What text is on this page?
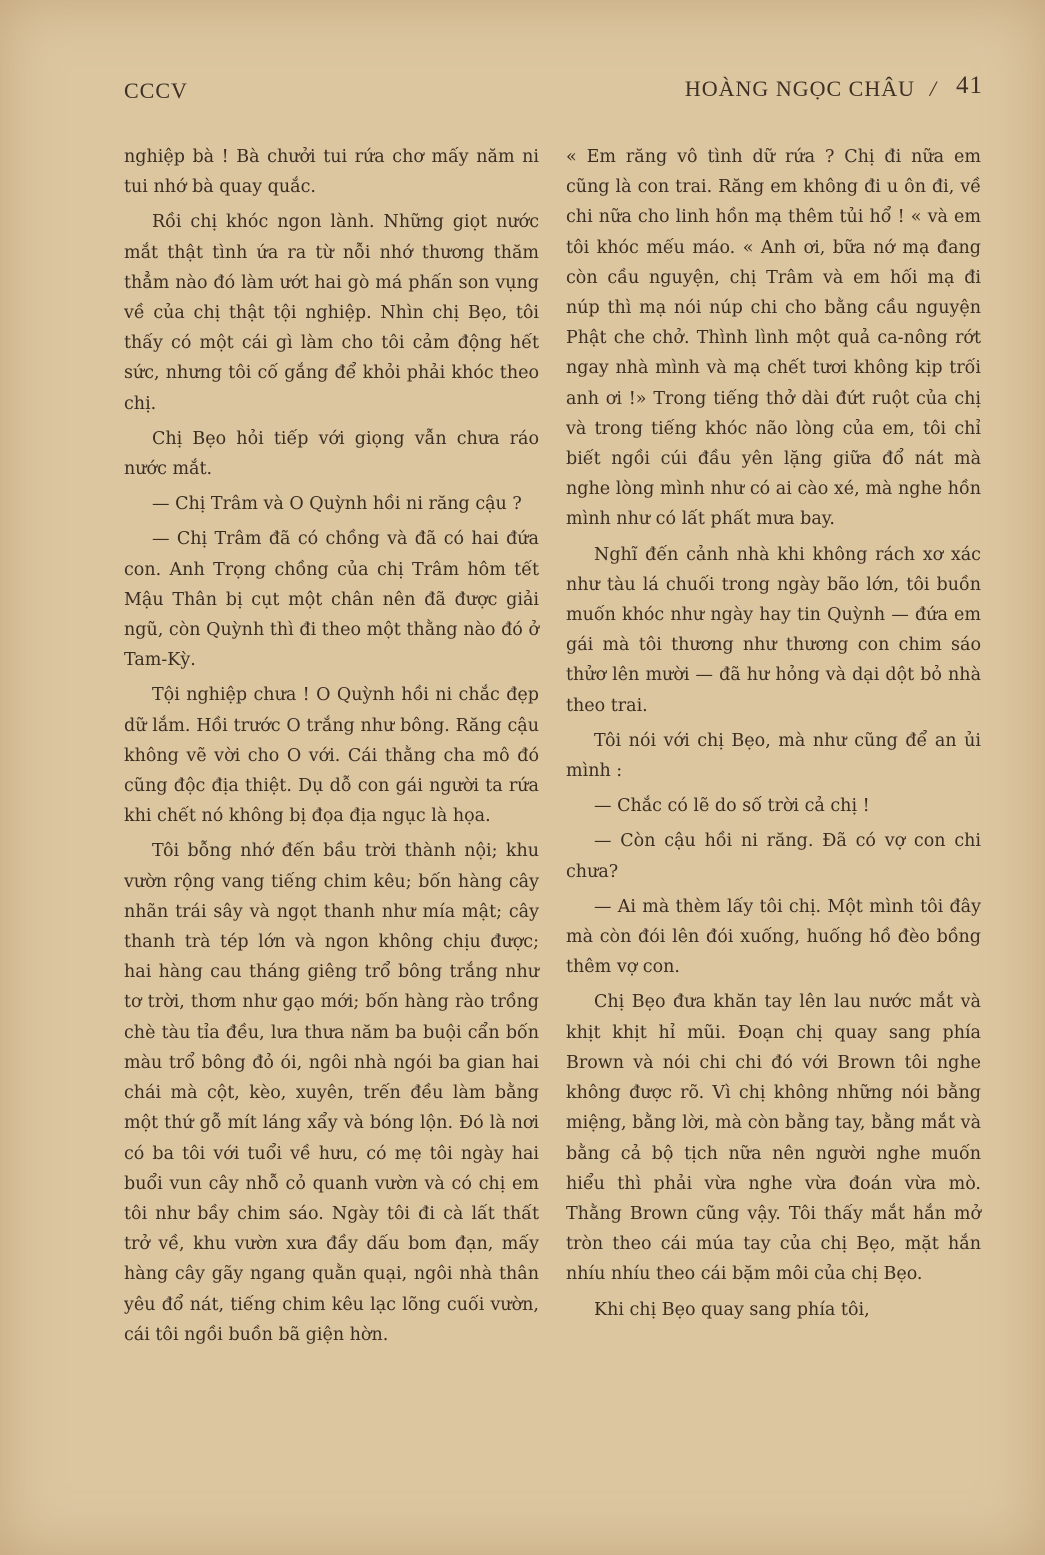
CCCV	HOÀNG NGỌC CHÂU / 41

nghiệp bà ! Bà chưởi tui rứa chơ mấy năm ni tui nhớ bà quay quắc.

Rồi chị khóc ngon lành. Những giọt nước mắt thật tình ứa ra từ nỗi nhớ thương thăm thẳm nào đó làm ướt hai gò má phấn son vụng về của chị thật tội nghiệp. Nhìn chị Bẹo, tôi thấy có một cái gì làm cho tôi cảm động hết sức, nhưng tôi cố gắng để khỏi phải khóc theo chị.

Chị Bẹo hỏi tiếp với giọng vẫn chưa ráo nước mắt.

— Chị Trâm và O Quỳnh hồi ni răng cậu ?

— Chị Trâm đã có chồng và đã có hai đứa con. Anh Trọng chồng của chị Trâm hôm tết Mậu Thân bị cụt một chân nên đã được giải ngũ, còn Quỳnh thì đi theo một thằng nào đó ở Tam-Kỳ.

Tội nghiệp chưa ! O Quỳnh hồi ni chắc đẹp dữ lắm. Hồi trước O trắng như bông. Răng cậu không vẽ vời cho O với. Cái thằng cha mô đó cũng độc địa thiệt. Dụ dỗ con gái người ta rứa khi chết nó không bị đọa địa ngục là họa.

Tôi bỗng nhớ đến bầu trời thành nội; khu vườn rộng vang tiếng chim kêu; bốn hàng cây nhãn trái sây và ngọt thanh như mía mật; cây thanh trà tép lớn và ngon không chịu được; hai hàng cau tháng giêng trổ bông trắng như tơ trời, thơm như gạo mới; bốn hàng rào trồng chè tàu tỉa đều, lưa thưa năm ba buội cẩn bốn màu trổ bông đỏ ói, ngôi nhà ngói ba gian hai chái mà cột, kèo, xuyên, trến đều làm bằng một thứ gỗ mít láng xẩy và bóng lộn. Đó là nơi có ba tôi với tuổi về hưu, có mẹ tôi ngày hai buổi vun cây nhỗ cỏ quanh vườn và có chị em tôi như bầy chim sáo. Ngày tôi đi cà lất thất trở về, khu vườn xưa đầy dấu bom đạn, mấy hàng cây gãy ngang quằn quại, ngôi nhà thân yêu đổ nát, tiếng chim kêu lạc lõng cuối vườn, cái tôi ngồi buồn bã giện hờn.

« Em răng vô tình dữ rứa ? Chị đi nữa em cũng là con trai. Răng em không đi u ôn đi, về chi nữa cho linh hồn mạ thêm tủi hổ ! « và em tôi khóc mếu máo. « Anh ơi, bữa nớ mạ đang còn cầu nguyện, chị Trâm và em hối mạ đi núp thì mạ nói núp chi cho bằng cầu nguyện Phật che chở. Thình lình một quả ca-nông rớt ngay nhà mình và mạ chết tươi không kịp trối anh ơi !» Trong tiếng thở dài đứt ruột của chị và trong tiếng khóc não lòng của em, tôi chỉ biết ngồi cúi đầu yên lặng giữa đổ nát mà nghe lòng mình như có ai cào xé, mà nghe hồn mình như có lất phất mưa bay.

Nghĩ đến cảnh nhà khi không rách xơ xác như tàu lá chuối trong ngày bão lớn, tôi buồn muốn khóc như ngày hay tin Quỳnh — đứa em gái mà tôi thương như thương con chim sáo thửơ lên mười — đã hư hỏng và dại dột bỏ nhà theo trai.

Tôi nói với chị Bẹo, mà như cũng để an ủi mình :

— Chắc có lẽ do số trời cả chị !

— Còn cậu hồi ni răng. Đã có vợ con chi chưa?

— Ai mà thèm lấy tôi chị. Một mình tôi đây mà còn đói lên đói xuống, huống hồ đèo bồng thêm vợ con.

Chị Bẹo đưa khăn tay lên lau nước mắt và khịt khịt hỉ mũi. Đoạn chị quay sang phía Brown và nói chi chi đó với Brown tôi nghe không được rõ. Vì chị không những nói bằng miệng, bằng lời, mà còn bằng tay, bằng mắt và bằng cả bộ tịch nữa nên người nghe muốn hiểu thì phải vừa nghe vừa đoán vừa mò. Thằng Brown cũng vậy. Tôi thấy mắt hắn mở tròn theo cái múa tay của chị Bẹo, mặt hắn nhíu nhíu theo cái bặm môi của chị Bẹo.

Khi chị Bẹo quay sang phía tôi,
